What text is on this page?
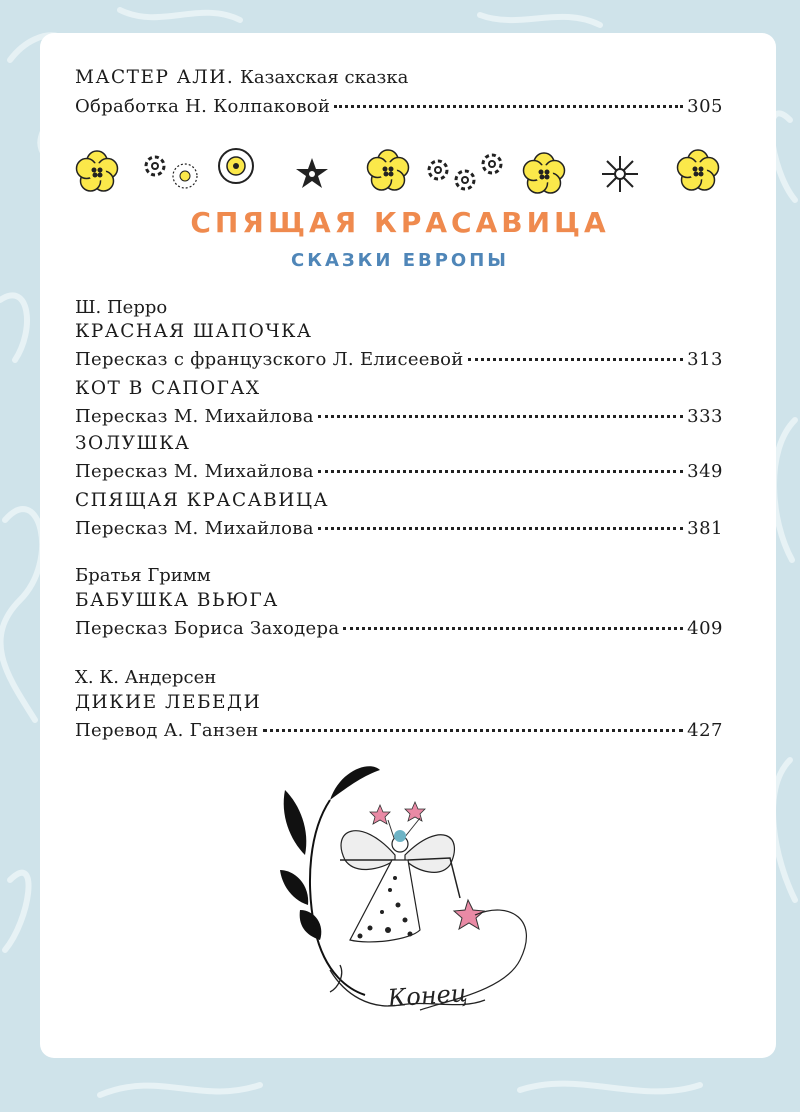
МАСТЕР АЛИ. Казахская сказка
Обработка Н. Колпаковой	305
СПЯЩАЯ КРАСАВИЦА
СКАЗКИ ЕВРОПЫ
Ш. Перро
КРАСНАЯ ШАПОЧКА
Пересказ с французского Л. Елисеевой	313
КОТ В САПОГАХ
Пересказ М. Михайлова	333
ЗОЛУШКА
Пересказ М. Михайлова	349
СПЯЩАЯ КРАСАВИЦА
Пересказ М. Михайлова	381
Братья Гримм
БАБУШКА ВЬЮГА
Пересказ Бориса Заходера	409
Х. К. Андерсен
ДИКИЕ ЛЕБЕДИ
Перевод А. Ганзен	427
Конец
